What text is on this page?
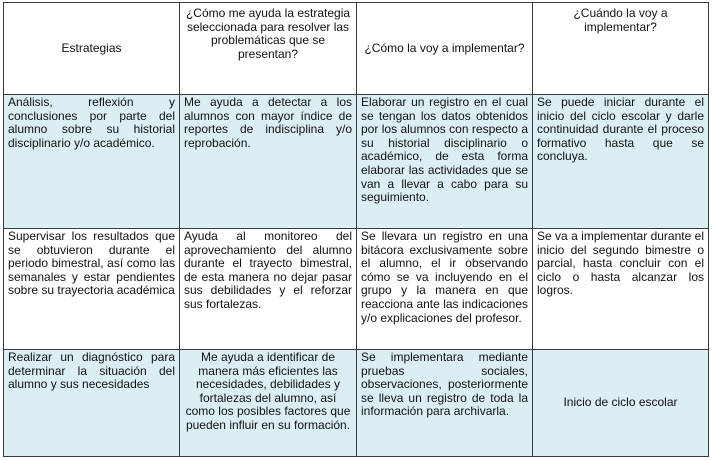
Estrategias	¿Cómo me ayuda la estrategia seleccionada para resolver las problemáticas que se presentan?	¿Cómo la voy a implementar?	¿Cuándo la voy a implementar?
Análisis, reflexión y conclusiones por parte del alumno sobre su historial disciplinario y/o académico.	Me ayuda a detectar a los alumnos con mayor índice de reportes de indisciplina y/o reprobación.	Elaborar un registro en el cual se tengan los datos obtenidos por los alumnos con respecto a su historial disciplinario o académico, de esta forma elaborar las actividades que se van a llevar a cabo para su seguimiento.	Se puede iniciar durante el inicio del ciclo escolar y darle continuidad durante el proceso formativo hasta que se concluya.
Supervisar los resultados que se obtuvieron durante el periodo bimestral, así como las semanales y estar pendientes sobre su trayectoria académica	Ayuda al monitoreo del aprovechamiento del alumno durante el trayecto bimestral, de esta manera no dejar pasar sus debilidades y el reforzar sus fortalezas.	Se llevara un registro en una bitácora exclusivamente sobre el alumno, el ir observando cómo se va incluyendo en el grupo y la manera en que reacciona ante las indicaciones y/o explicaciones del profesor.	Se va a implementar durante el inicio del segundo bimestre o parcial, hasta concluir con el ciclo o hasta alcanzar los logros.
Realizar un diagnóstico para determinar la situación del alumno y sus necesidades	Me ayuda a identificar de manera más eficientes las necesidades, debilidades y fortalezas del alumno, así como los posibles factores que pueden influir en su formación.	Se implementara mediante pruebas sociales, observaciones, posteriormente se lleva un registro de toda la información para archivarla.	Inicio de ciclo escolar
